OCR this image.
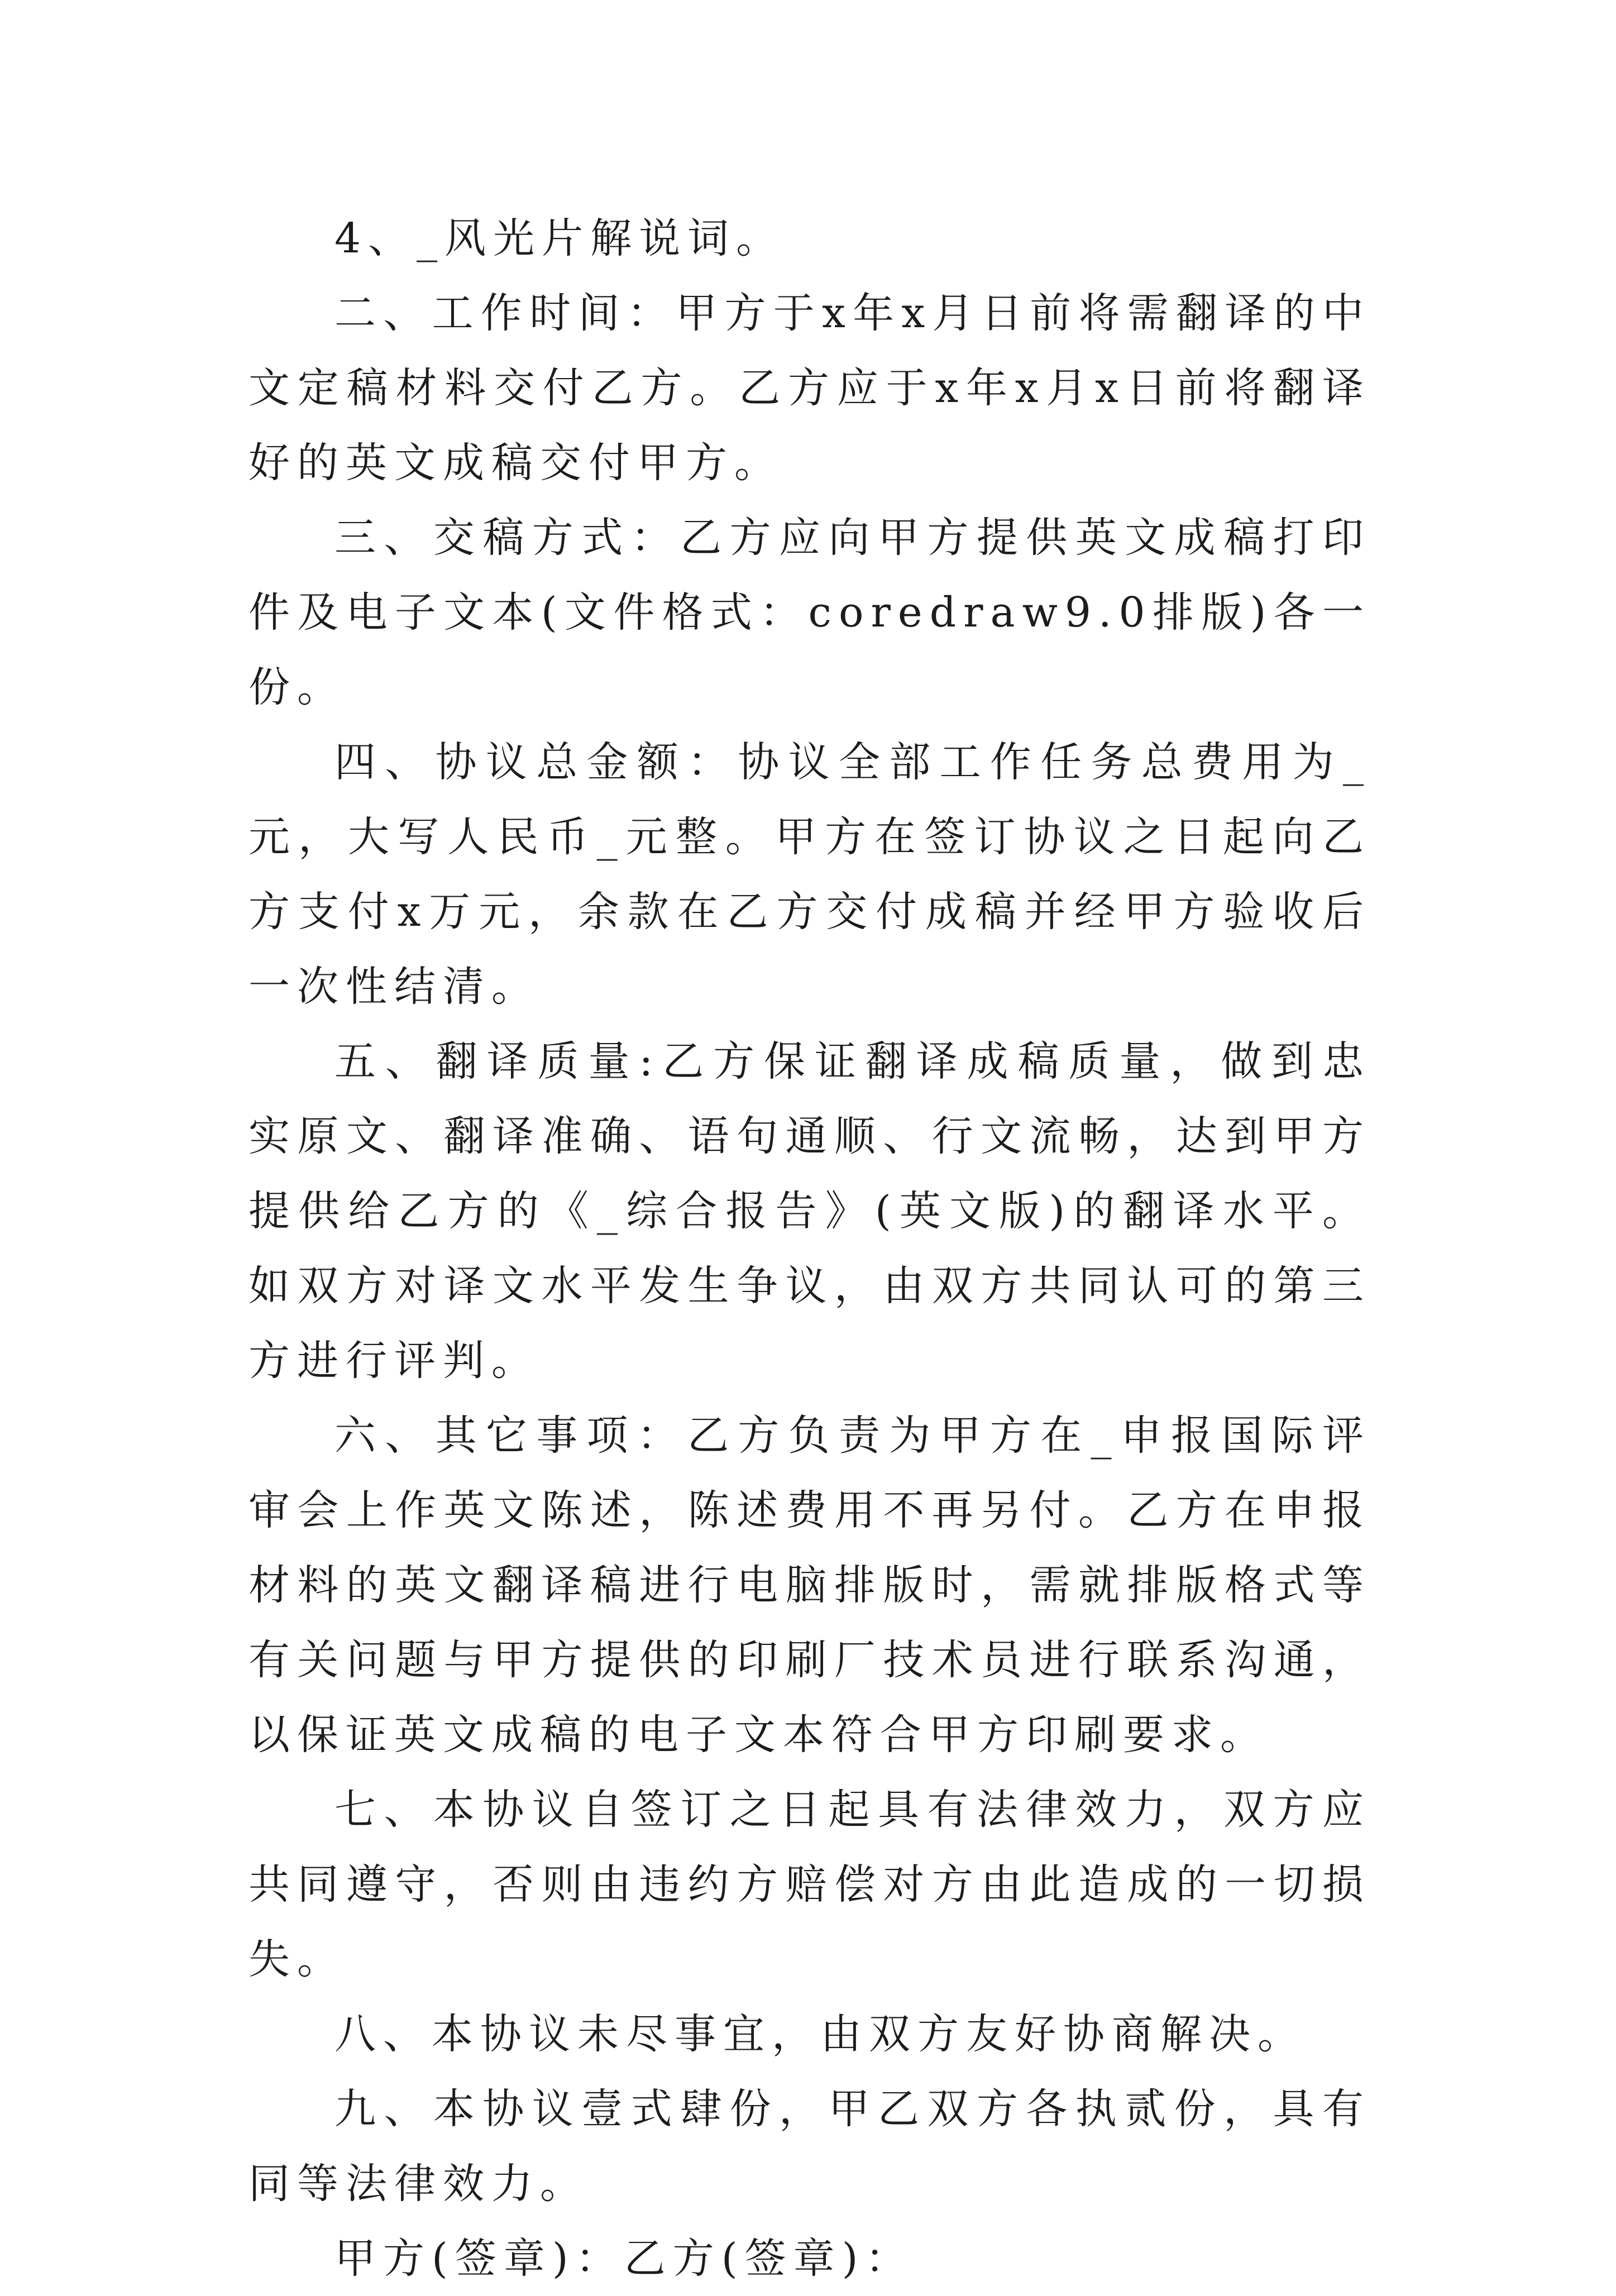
4、_风光片解说词。

二、工作时间：甲方于x年x月日前将需翻译的中文定稿材料交付乙方。乙方应于x年x月x日前将翻译好的英文成稿交付甲方。

三、交稿方式：乙方应向甲方提供英文成稿打印件及电子文本(文件格式：coredraw9.0排版)各一份。

四、协议总金额：协议全部工作任务总费用为_元，大写人民币_元整。甲方在签订协议之日起向乙方支付x万元，余款在乙方交付成稿并经甲方验收后一次性结清。

五、翻译质量:乙方保证翻译成稿质量，做到忠实原文、翻译准确、语句通顺、行文流畅，达到甲方提供给乙方的《_综合报告》(英文版)的翻译水平。如双方对译文水平发生争议，由双方共同认可的第三方进行评判。

六、其它事项：乙方负责为甲方在_申报国际评审会上作英文陈述，陈述费用不再另付。乙方在申报材料的英文翻译稿进行电脑排版时，需就排版格式等有关问题与甲方提供的印刷厂技术员进行联系沟通，以保证英文成稿的电子文本符合甲方印刷要求。

七、本协议自签订之日起具有法律效力，双方应共同遵守，否则由违约方赔偿对方由此造成的一切损失。

八、本协议未尽事宜，由双方友好协商解决。

九、本协议壹式肆份，甲乙双方各执贰份，具有同等法律效力。

甲方(签章)：乙方(签章)：
